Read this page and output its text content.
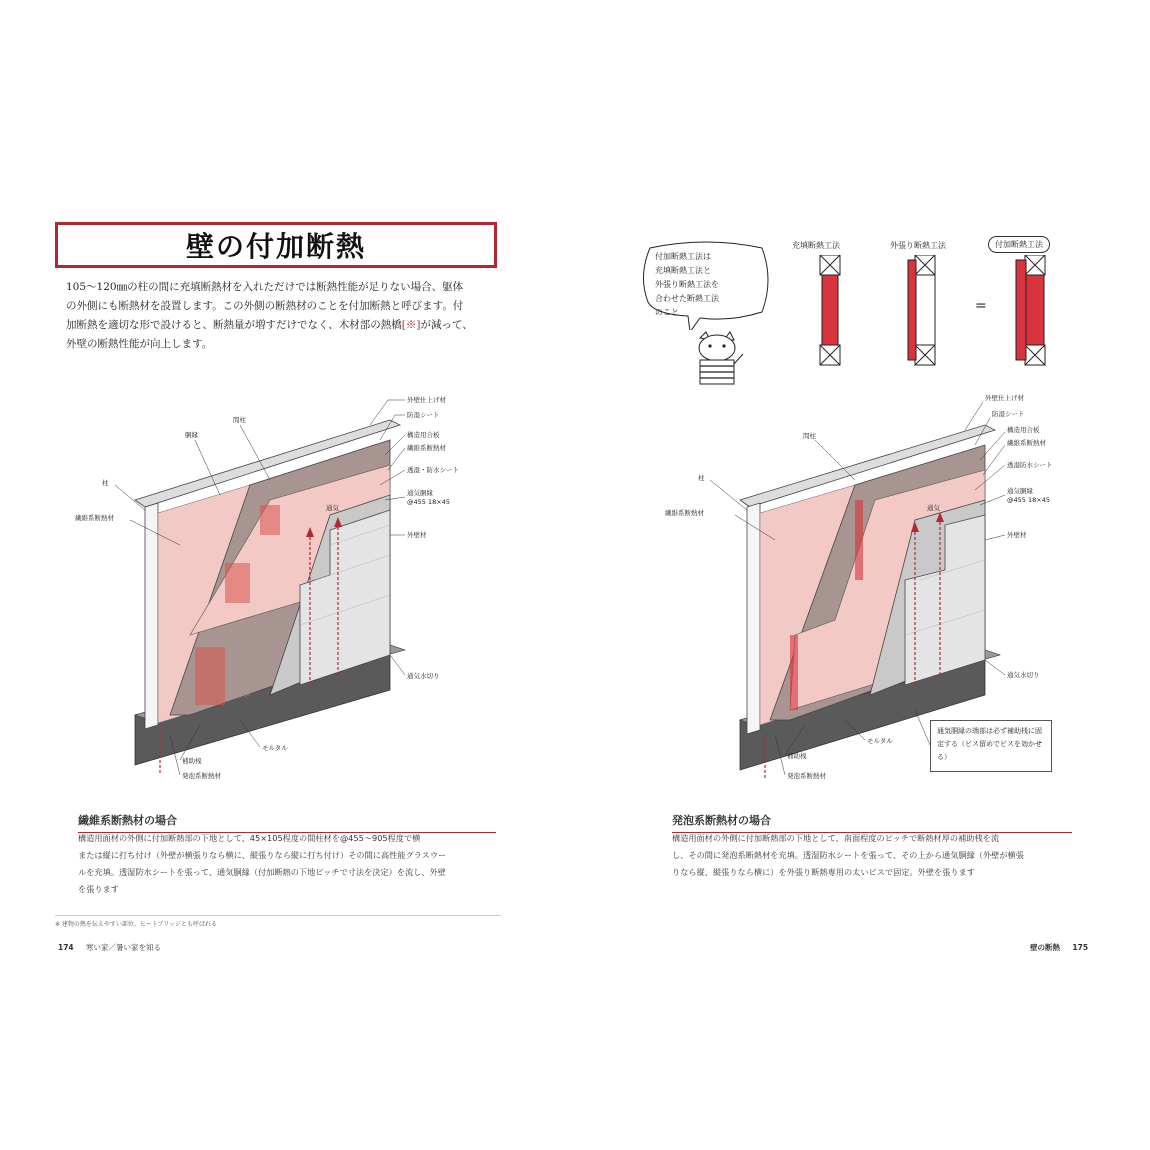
壁の付加断熱
105～120㎜の柱の間に充填断熱材を入れただけでは断熱性能が足りない場合、躯体
の外側にも断熱材を設置します。この外側の断熱材のことを付加断熱と呼びます。付
加断熱を適切な形で設けると、断熱量が増すだけでなく、木材部の熱橋[※]が減って、
外壁の断熱性能が向上します。
外壁仕上げ材
防湿シート
間柱
構造用合板
胴縁
繊維系断熱材
透湿・防水シート
通気胴縁
@455 18×45
外壁材
柱
繊維系断熱材
通気
通気水切り
モルタル
補助桟
発泡系断熱材
繊維系断熱材の場合
構造用面材の外側に付加断熱部の下地として、45×105程度の間柱材を@455～905程度で横
または縦に打ち付け（外壁が横張りなら横に、縦張りなら縦に打ち付け）その間に高性能グラスウー
ルを充填。透湿防水シートを張って、通気胴縁（付加断熱の下地ピッチで寸法を決定）を流し、外壁
を張ります
※ 建物の熱を伝えやすい部位。ヒートブリッジとも呼ばれる
174 寒い家／暑い家を知る
付加断熱工法は
充填断熱工法と
外張り断熱工法を
合わせた断熱工法
のこと
充填断熱工法	外張り断熱工法	付加断熱工法
=
外壁仕上げ材
防湿シート
間柱
構造用合板
繊維系断熱材
透湿防水シート
通気胴縁
@455 18×45
外壁材
柱
繊維系断熱材
通気
通気水切り
モルタル
補助桟
発泡系断熱材
通気胴縁の端部は必ず補助桟に固定する（ビス留めでビスを効かせる）
発泡系断熱材の場合
構造用面材の外側に付加断熱部の下地として、南面程度のピッチで断熱材厚の補助桟を流
し、その間に発泡系断熱材を充填。透湿防水シートを張って、その上から通気胴縁（外壁が横張
りなら縦、縦張りなら横に）を外張り断熱専用の太いビスで固定。外壁を張ります
壁の断熱 175
